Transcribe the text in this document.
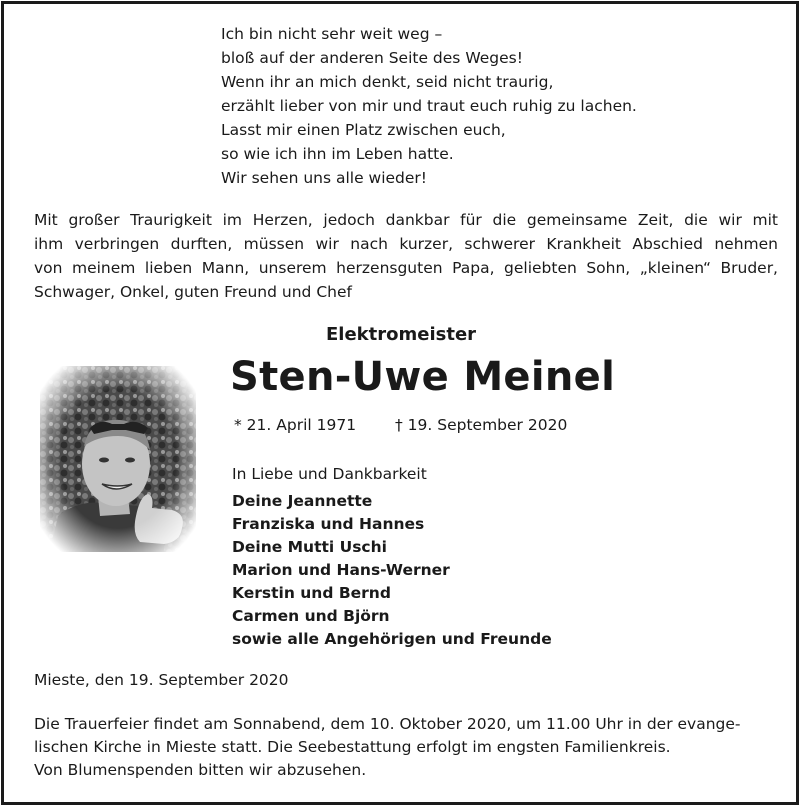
Ich bin nicht sehr weit weg –
bloß auf der anderen Seite des Weges!
Wenn ihr an mich denkt, seid nicht traurig,
erzählt lieber von mir und traut euch ruhig zu lachen.
Lasst mir einen Platz zwischen euch,
so wie ich ihn im Leben hatte.
Wir sehen uns alle wieder!
Mit großer Traurigkeit im Herzen, jedoch dankbar für die gemeinsame Zeit, die wir mit
ihm verbringen durften, müssen wir nach kurzer, schwerer Krankheit Abschied nehmen
von meinem lieben Mann, unserem herzensguten Papa, geliebten Sohn, „kleinen“ Bruder,
Schwager, Onkel, guten Freund und Chef
Elektromeister
Sten-Uwe Meinel
* 21. April 1971	† 19. September 2020
In Liebe und Dankbarkeit
Deine Jeannette
Franziska und Hannes
Deine Mutti Uschi
Marion und Hans-Werner
Kerstin und Bernd
Carmen und Björn
sowie alle Angehörigen und Freunde
Mieste, den 19. September 2020
Die Trauerfeier findet am Sonnabend, dem 10. Oktober 2020, um 11.00 Uhr in der evange-
lischen Kirche in Mieste statt. Die Seebestattung erfolgt im engsten Familienkreis.
Von Blumenspenden bitten wir abzusehen.
